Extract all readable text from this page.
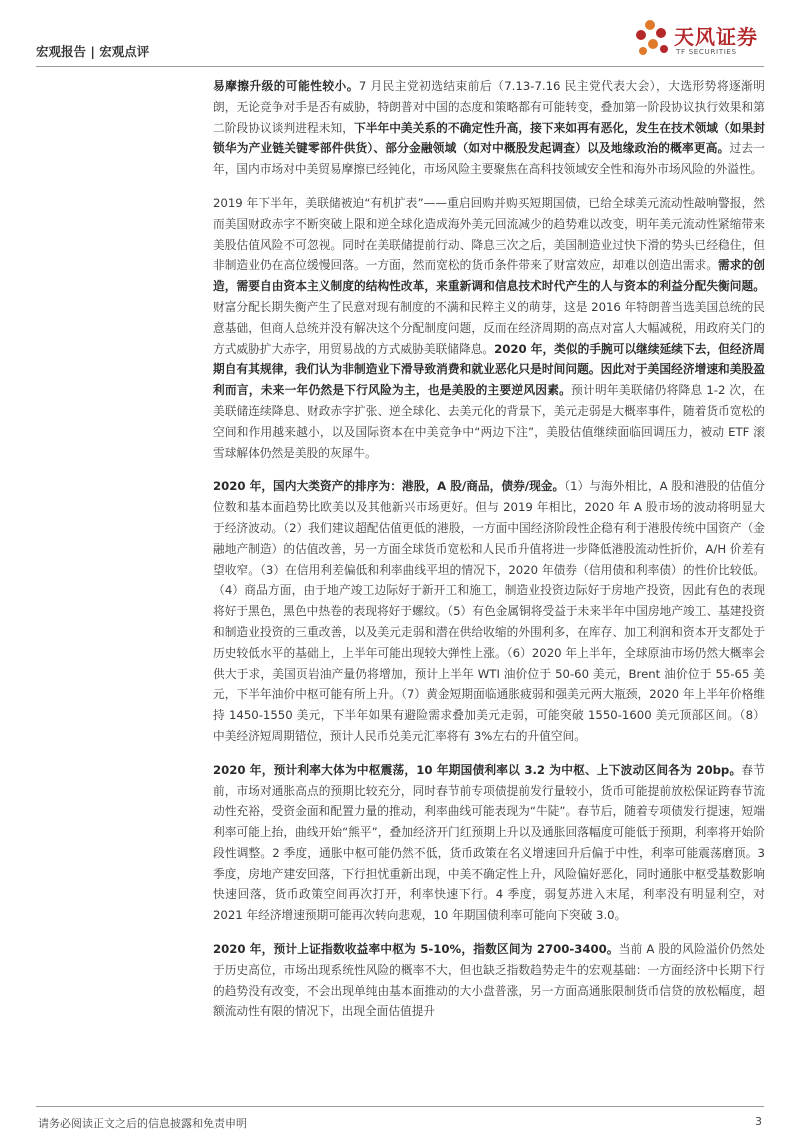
宏观报告 | 宏观点评
天风证券
TF SECURITIES

易摩擦升级的可能性较小。7 月民主党初选结束前后（7.13-7.16 民主党代表大会），大选形势将逐渐明朗，无论竞争对手是否有威胁，特朗普对中国的态度和策略都有可能转变，叠加第一阶段协议执行效果和第二阶段协议谈判进程未知，下半年中美关系的不确定性升高，接下来如再有恶化，发生在技术领域（如果封锁华为产业链关键零部件供货）、部分金融领域（如对中概股发起调查）以及地缘政治的概率更高。过去一年，国内市场对中美贸易摩擦已经钝化，市场风险主要聚焦在高科技领域安全性和海外市场风险的外溢性。

2019 年下半年，美联储被迫“有机扩表”——重启回购并购买短期国债，已给全球美元流动性敲响警报，然而美国财政赤字不断突破上限和逆全球化造成海外美元回流减少的趋势难以改变，明年美元流动性紧缩带来美股估值风险不可忽视。同时在美联储提前行动、降息三次之后，美国制造业过快下滑的势头已经稳住，但非制造业仍在高位缓慢回落。一方面，然而宽松的货币条件带来了财富效应，却难以创造出需求。需求的创造，需要自由资本主义制度的结构性改革，来重新调和信息技术时代产生的人与资本的利益分配失衡问题。财富分配长期失衡产生了民意对现有制度的不满和民粹主义的萌芽，这是 2016 年特朗普当选美国总统的民意基础，但商人总统并没有解决这个分配制度问题，反而在经济周期的高点对富人大幅减税，用政府关门的方式威胁扩大赤字，用贸易战的方式威胁美联储降息。2020 年，类似的手腕可以继续延续下去，但经济周期自有其规律，我们认为非制造业下滑导致消费和就业恶化只是时间问题。因此对于美国经济增速和美股盈利而言，未来一年仍然是下行风险为主，也是美股的主要逆风因素。预计明年美联储仍将降息 1-2 次，在美联储连续降息、财政赤字扩张、逆全球化、去美元化的背景下，美元走弱是大概率事件，随着货币宽松的空间和作用越来越小，以及国际资本在中美竞争中“两边下注”，美股估值继续面临回调压力，被动 ETF 滚雪球解体仍然是美股的灰犀牛。

2020 年，国内大类资产的排序为：港股，A 股/商品，债券/现金。（1）与海外相比，A 股和港股的估值分位数和基本面趋势比欧美以及其他新兴市场更好。但与 2019 年相比，2020 年 A 股市场的波动将明显大于经济波动。（2）我们建议超配估值更低的港股，一方面中国经济阶段性企稳有利于港股传统中国资产（金融地产制造）的估值改善，另一方面全球货币宽松和人民币升值将进一步降低港股流动性折价，A/H 价差有望收窄。（3）在信用利差偏低和利率曲线平坦的情况下，2020 年债券（信用债和利率债）的性价比较低。（4）商品方面，由于地产竣工边际好于新开工和施工，制造业投资边际好于房地产投资，因此有色的表现将好于黑色，黑色中热卷的表现将好于螺纹。（5）有色金属铜将受益于未来半年中国房地产竣工、基建投资和制造业投资的三重改善，以及美元走弱和潜在供给收缩的外围利多，在库存、加工利润和资本开支都处于历史较低水平的基础上，上半年可能出现较大弹性上涨。（6）2020 年上半年，全球原油市场仍然大概率会供大于求，美国页岩油产量仍将增加，预计上半年 WTI 油价位于 50-60 美元，Brent 油价位于 55-65 美元，下半年油价中枢可能有所上升。（7）黄金短期面临通胀疲弱和强美元两大瓶颈，2020 年上半年价格维持 1450-1550 美元，下半年如果有避险需求叠加美元走弱，可能突破 1550-1600 美元顶部区间。（8）中美经济短周期错位，预计人民币兑美元汇率将有 3%左右的升值空间。

2020 年，预计利率大体为中枢震荡，10 年期国债利率以 3.2 为中枢、上下波动区间各为 20bp。春节前，市场对通胀高点的预期比较充分，同时春节前专项债提前发行量较小，货币可能提前放松保证跨春节流动性充裕，受资金面和配置力量的推动，利率曲线可能表现为“牛陡”。春节后，随着专项债发行提速，短端利率可能上抬，曲线开始“熊平”，叠加经济开门红预期上升以及通胀回落幅度可能低于预期，利率将开始阶段性调整。2 季度，通胀中枢可能仍然不低，货币政策在名义增速回升后偏于中性，利率可能震荡磨顶。3 季度，房地产建安回落，下行担忧重新出现，中美不确定性上升，风险偏好恶化，同时通胀中枢受基数影响快速回落，货币政策空间再次打开，利率快速下行。4 季度，弱复苏进入末尾，利率没有明显利空，对 2021 年经济增速预期可能再次转向悲观，10 年期国债利率可能向下突破 3.0。

2020 年，预计上证指数收益率中枢为 5-10%，指数区间为 2700-3400。当前 A 股的风险溢价仍然处于历史高位，市场出现系统性风险的概率不大，但也缺乏指数趋势走牛的宏观基础：一方面经济中长期下行的趋势没有改变，不会出现单纯由基本面推动的大小盘普涨，另一方面高通胀限制货币信贷的放松幅度，超额流动性有限的情况下，出现全面估值提升

请务必阅读正文之后的信息披露和免责申明	3
